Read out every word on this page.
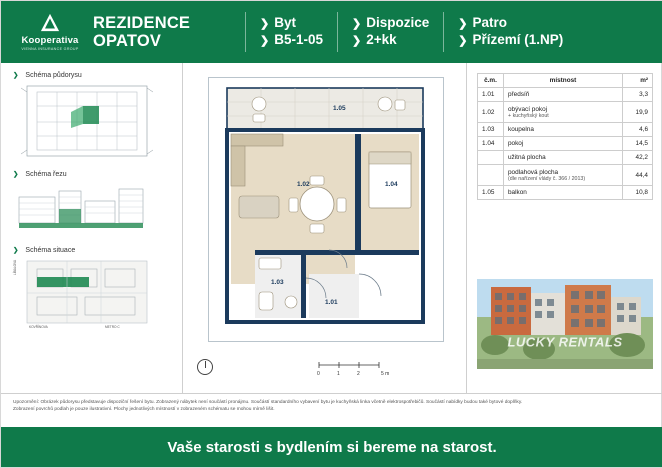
Kooperativa
VIENNA INSURANCE GROUP
REZIDENCE
OPATOV
❯ Byt
❯ B5-1-05
❯ Dispozice
❯ 2+kk
❯ Patro
❯ Přízemí (1.NP)
❯ Schéma půdorysu
❯ Schéma řezu
❯ Schéma situace
LÍBALOVA
KOVŘÍNOVA	METRO C
1.05
1.02	1.04
1.03
1.01
0	1	2	5 m
č.m.	místnost	m²
1.01	předsíň	3,3
1.02	obývací pokoj
+ kuchyňský kout	19,9
1.03	koupelna	4,6
1.04	pokoj	14,5
	užitná plocha	42,2
	podlahová plocha
(dle nařízení vlády č. 366 / 2013)	44,4
1.05	balkon	10,8
LUCKY RENTALS
Upozornění: Obrázek půdorysu představuje dispoziční řešení bytu. Zobrazený nábytek není součástí pronájmu. Součástí standardního vybavení bytu je kuchyňská linka včetně elektrospotřebičů. Součástí nabídky budou také bytové doplňky.
Zobrazení povrchů podlah je pouze ilustrativní. Plochy jednotlivých místností v zobrazeném schématu se mohou mírně lišit.
Vaše starosti s bydlením si bereme na starost.
